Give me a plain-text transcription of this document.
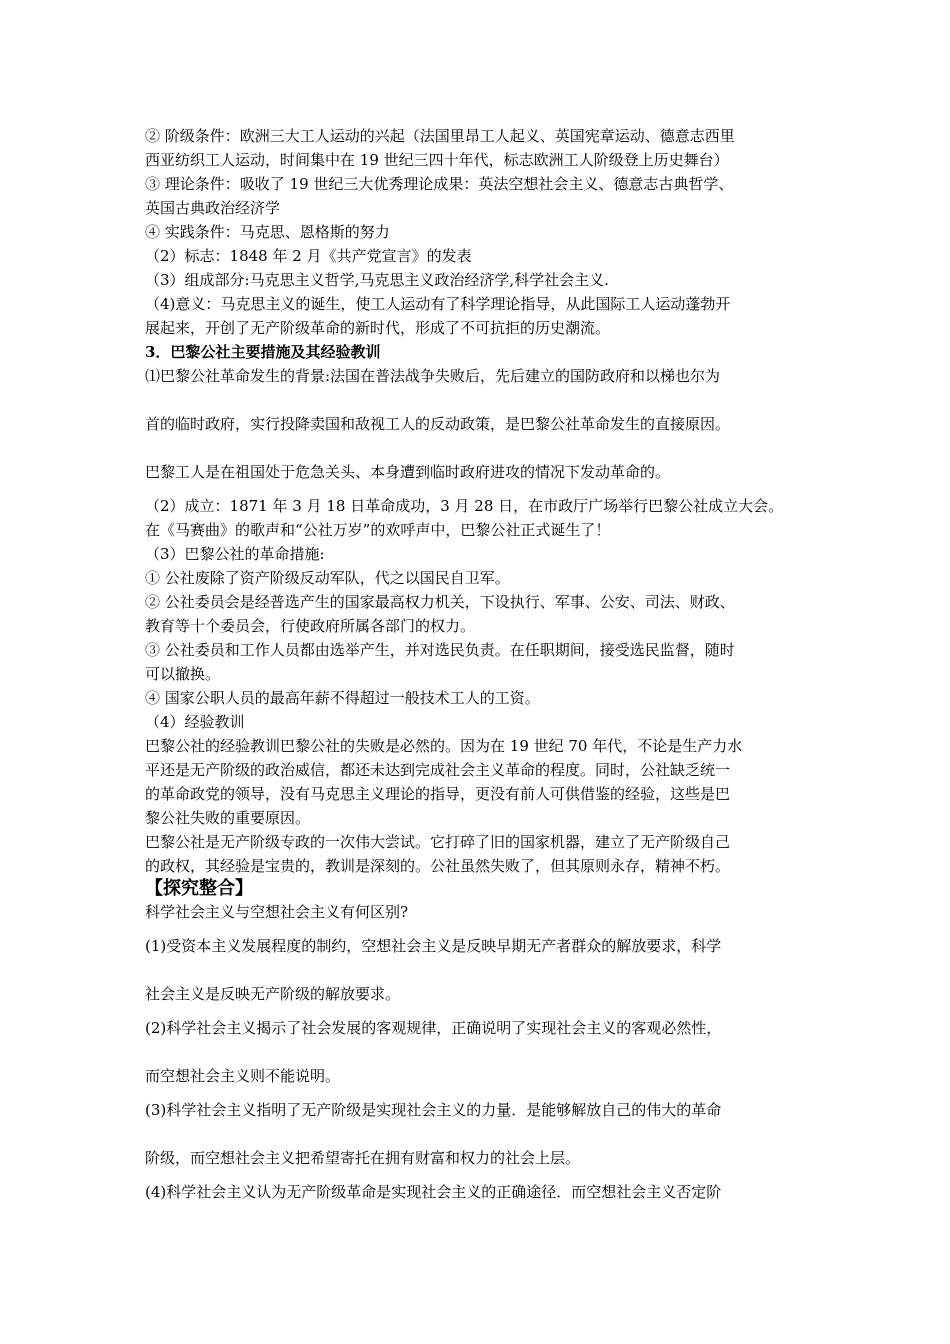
② 阶级条件：欧洲三大工人运动的兴起（法国里昂工人起义、英国宪章运动、德意志西里

西亚纺织工人运动，时间集中在 19 世纪三四十年代，标志欧洲工人阶级登上历史舞台）

③ 理论条件：吸收了 19 世纪三大优秀理论成果：英法空想社会主义、德意志古典哲学、

英国古典政治经济学

④ 实践条件：马克思、恩格斯的努力

（2）标志：1848 年 2 月《共产党宣言》的发表

（3）组成部分:马克思主义哲学,马克思主义政治经济学,科学社会主义.

（4)意义：马克思主义的诞生，使工人运动有了科学理论指导，从此国际工人运动蓬勃开

展起来，开创了无产阶级革命的新时代，形成了不可抗拒的历史潮流。

3．巴黎公社主要措施及其经验教训

⑴巴黎公社革命发生的背景:法国在普法战争失败后，先后建立的国防政府和以梯也尔为

首的临时政府，实行投降卖国和敌视工人的反动政策，是巴黎公社革命发生的直接原因。

巴黎工人是在祖国处于危急关头、本身遭到临时政府进攻的情况下发动革命的。

（2）成立：1871 年 3 月 18 日革命成功，3 月 28 日，在市政厅广场举行巴黎公社成立大会。

在《马赛曲》的歌声和“公社万岁”的欢呼声中，巴黎公社正式诞生了！

（3）巴黎公社的革命措施:

① 公社废除了资产阶级反动军队，代之以国民自卫军。

② 公社委员会是经普选产生的国家最高权力机关，下设执行、军事、公安、司法、财政、

教育等十个委员会，行使政府所属各部门的权力。

③ 公社委员和工作人员都由选举产生，并对选民负责。在任职期间，接受选民监督，随时

可以撤换。

④ 国家公职人员的最高年薪不得超过一般技术工人的工资。

（4）经验教训

巴黎公社的经验教训巴黎公社的失败是必然的。因为在 19 世纪 70 年代，不论是生产力水

平还是无产阶级的政治威信，都还未达到完成社会主义革命的程度。同时，公社缺乏统一

的革命政党的领导，没有马克思主义理论的指导，更没有前人可供借鉴的经验，这些是巴

黎公社失败的重要原因。

巴黎公社是无产阶级专政的一次伟大尝试。它打碎了旧的国家机器，建立了无产阶级自己

的政权，其经验是宝贵的，教训是深刻的。公社虽然失败了，但其原则永存，精神不朽。

【探究整合】

科学社会主义与空想社会主义有何区别?

(1)受资本主义发展程度的制约，空想社会主义是反映早期无产者群众的解放要求，科学

社会主义是反映无产阶级的解放要求。

(2)科学社会主义揭示了社会发展的客观规律，正确说明了实现社会主义的客观必然性，

而空想社会主义则不能说明。

(3)科学社会主义指明了无产阶级是实现社会主义的力量．是能够解放自己的伟大的革命

阶级，而空想社会主义把希望寄托在拥有财富和权力的社会上层。

(4)科学社会主义认为无产阶级革命是实现社会主义的正确途径．而空想社会主义否定阶
